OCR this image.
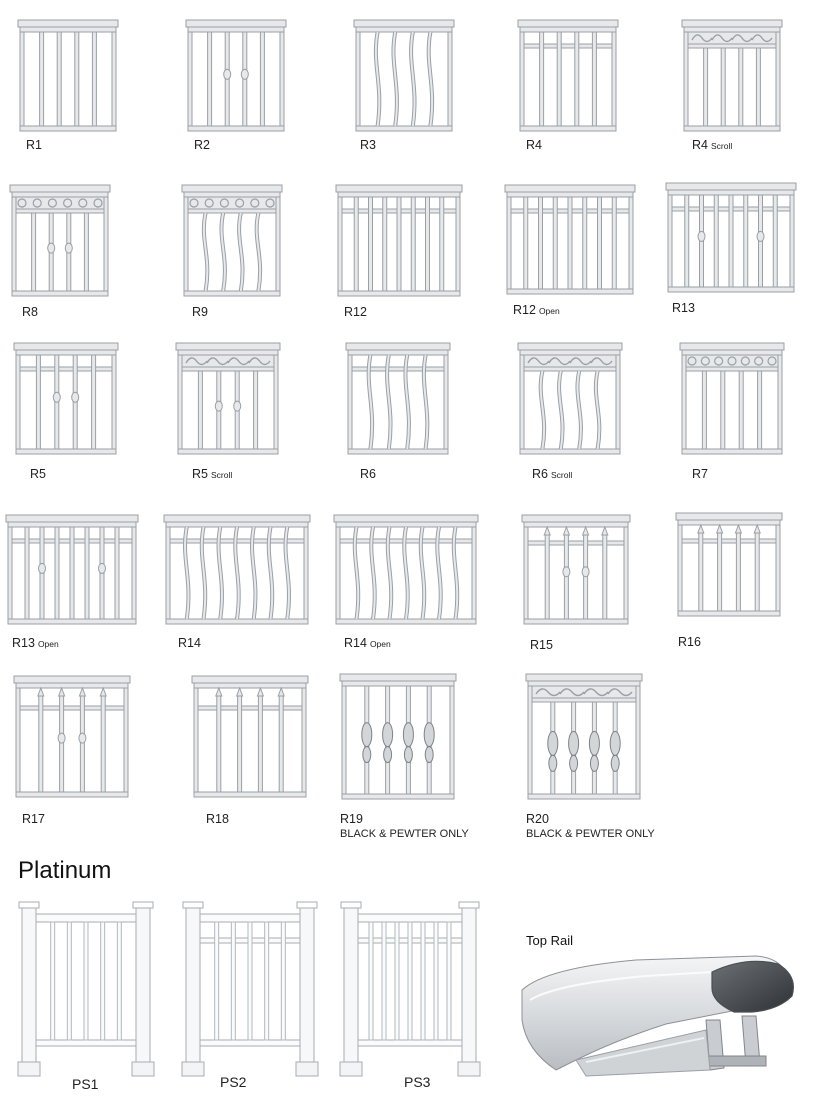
R1	R2	R3	R4	R4 Scroll
R8	R9	R12	R12 Open	R13
R5	R5 Scroll	R6	R6 Scroll	R7
R13 Open	R14	R14 Open	R15	R16
R17	R18	R19
BLACK & PEWTER ONLY
R20
BLACK & PEWTER ONLY
Platinum
PS1	PS2	PS3
Top Rail
